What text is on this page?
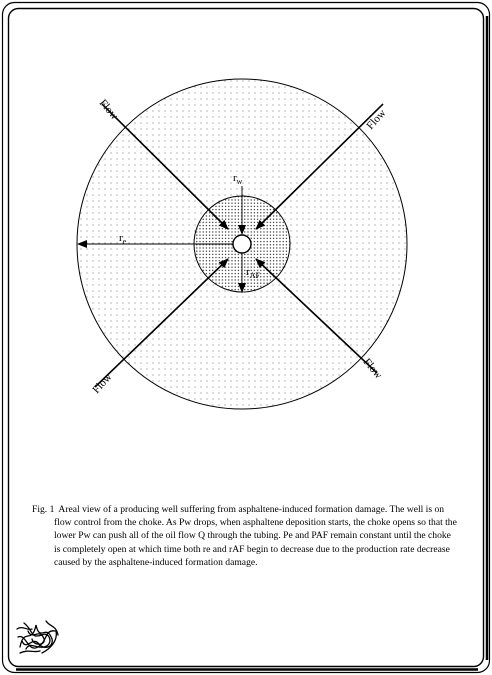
Flow	Flow
Flow
Flow
$r_e$
$r_w$
$r_{AF}$

Fig. 1 Areal view of a producing well suffering from asphaltene-induced formation damage. The well is on flow control from the choke. As Pw drops, when asphaltene deposition starts, the choke opens so that the lower Pw can push all of the oil flow Q through the tubing. Pe and PAF remain constant until the choke is completely open at which time both re and rAF begin to decrease due to the production rate decrease caused by the asphaltene-induced formation damage.
